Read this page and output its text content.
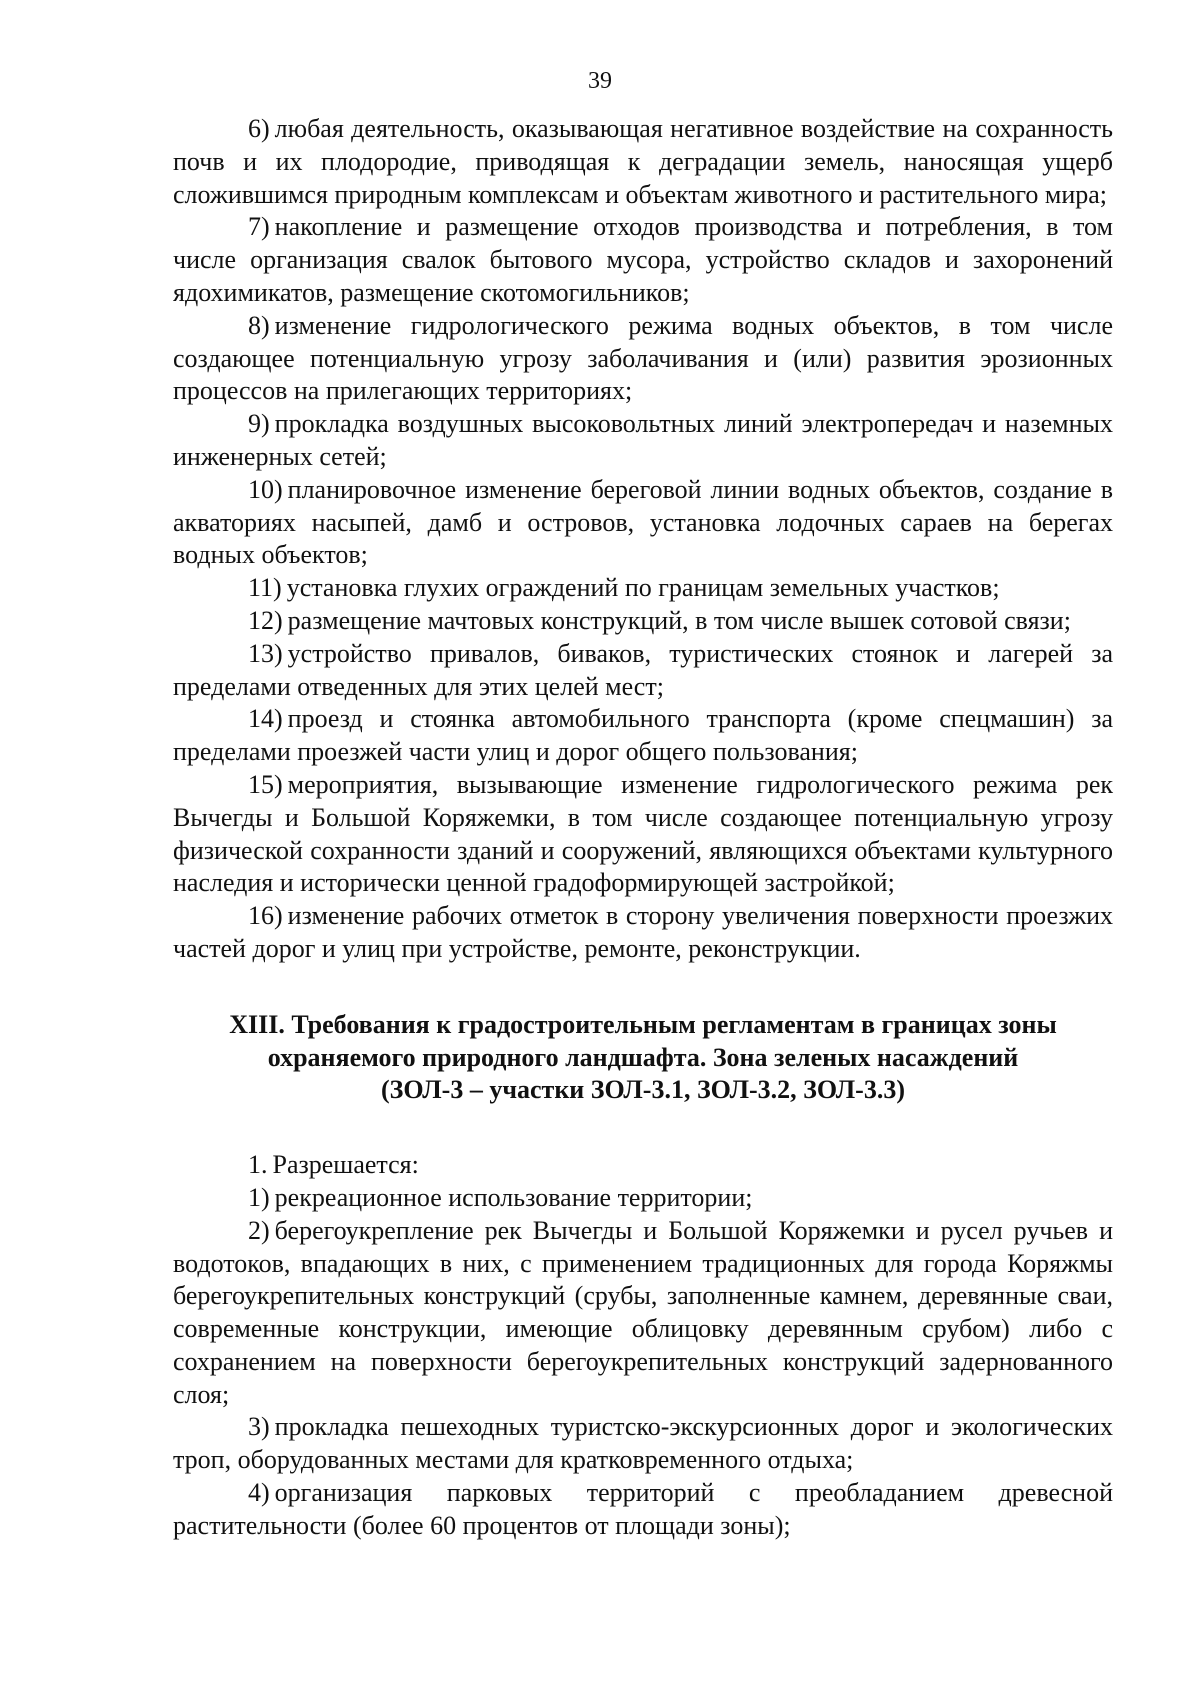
39

6) любая деятельность, оказывающая негативное воздействие на сохранность почв и их плодородие, приводящая к деградации земель, наносящая ущерб сложившимся природным комплексам и объектам животного и растительного мира;

7) накопление и размещение отходов производства и потребления, в том числе организация свалок бытового мусора, устройство складов и захоронений ядохимикатов, размещение скотомогильников;

8) изменение гидрологического режима водных объектов, в том числе создающее потенциальную угрозу заболачивания и (или) развития эрозионных процессов на прилегающих территориях;

9) прокладка воздушных высоковольтных линий электропередач и наземных инженерных сетей;

10) планировочное изменение береговой линии водных объектов, создание в акваториях насыпей, дамб и островов, установка лодочных сараев на берегах водных объектов;

11) установка глухих ограждений по границам земельных участков;

12) размещение мачтовых конструкций, в том числе вышек сотовой связи;

13) устройство привалов, биваков, туристических стоянок и лагерей за пределами отведенных для этих целей мест;

14) проезд и стоянка автомобильного транспорта (кроме спецмашин) за пределами проезжей части улиц и дорог общего пользования;

15) мероприятия, вызывающие изменение гидрологического режима рек Вычегды и Большой Коряжемки, в том числе создающее потенциальную угрозу физической сохранности зданий и сооружений, являющихся объектами культурного наследия и исторически ценной градоформирующей застройкой;

16) изменение рабочих отметок в сторону увеличения поверхности проезжих частей дорог и улиц при устройстве, ремонте, реконструкции.

XIII. Требования к градостроительным регламентам в границах зоны
охраняемого природного ландшафта. Зона зеленых насаждений
(ЗОЛ-3 – участки ЗОЛ-3.1, ЗОЛ-3.2, ЗОЛ-3.3)

1. Разрешается:

1) рекреационное использование территории;

2) берегоукрепление рек Вычегды и Большой Коряжемки и русел ручьев и водотоков, впадающих в них, с применением традиционных для города Коряжмы берегоукрепительных конструкций (срубы, заполненные камнем, деревянные сваи, современные конструкции, имеющие облицовку деревянным срубом) либо с сохранением на поверхности берегоукрепительных конструкций задернованного слоя;

3) прокладка пешеходных туристско-экскурсионных дорог и экологических троп, оборудованных местами для кратковременного отдыха;

4) организация парковых территорий с преобладанием древесной растительности (более 60 процентов от площади зоны);
